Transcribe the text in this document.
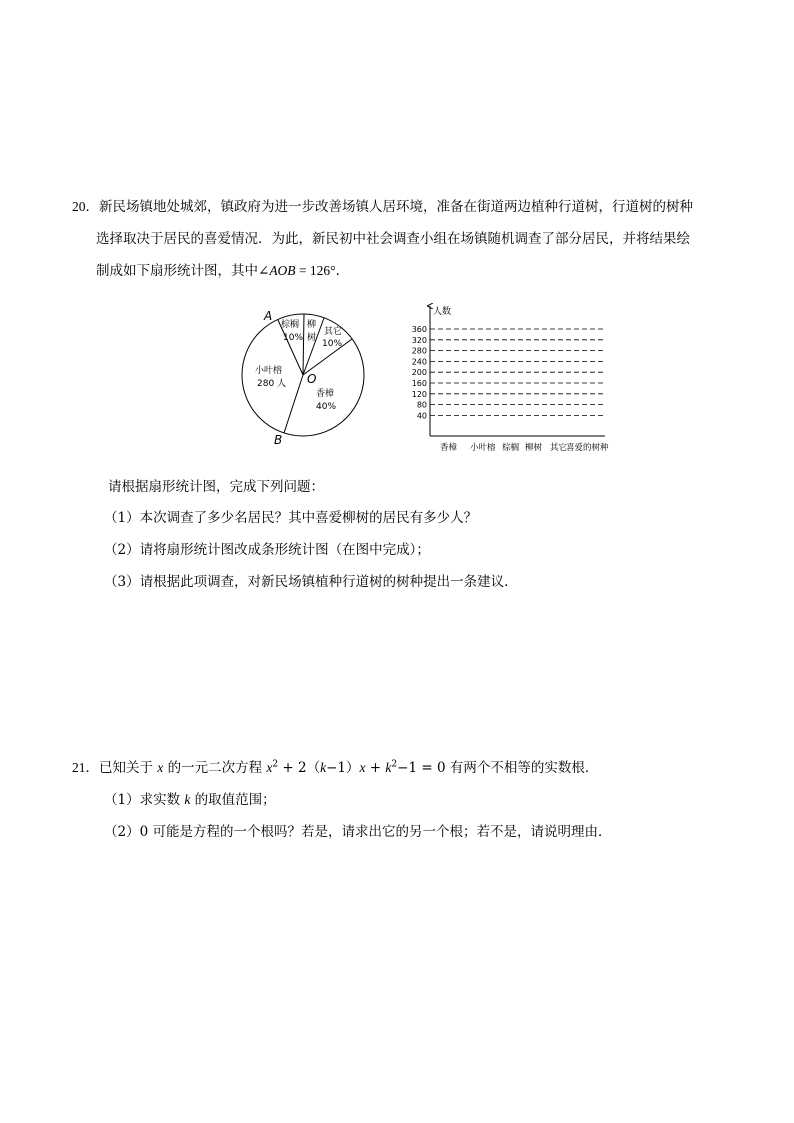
20．新民场镇地处城郊，镇政府为进一步改善场镇人居环境，准备在街道两边植种行道树，行道树的树种
选择取决于居民的喜爱情况．为此，新民初中社会调查小组在场镇随机调查了部分居民，并将结果绘
制成如下扇形统计图，其中∠AOB = 126°．
A
B
O
棕榈
10%
柳
树
其它
10%
小叶榕
280 人
香樟
40%
人数
360
320
280
240
200
160
120
80
40
香樟 小叶榕 棕榈 柳树 其它
喜爱的树种
请根据扇形统计图，完成下列问题：
（1）本次调查了多少名居民？其中喜爱柳树的居民有多少人？
（2）请将扇形统计图改成条形统计图（在图中完成）；
（3）请根据此项调查，对新民场镇植种行道树的树种提出一条建议．
21．已知关于 x 的一元二次方程 $x^2 + 2(k-1)x + k^2-1 = 0$ 有两个不相等的实数根．
（1）求实数 k 的取值范围；
（2）0 可能是方程的一个根吗？若是，请求出它的另一个根；若不是，请说明理由．
